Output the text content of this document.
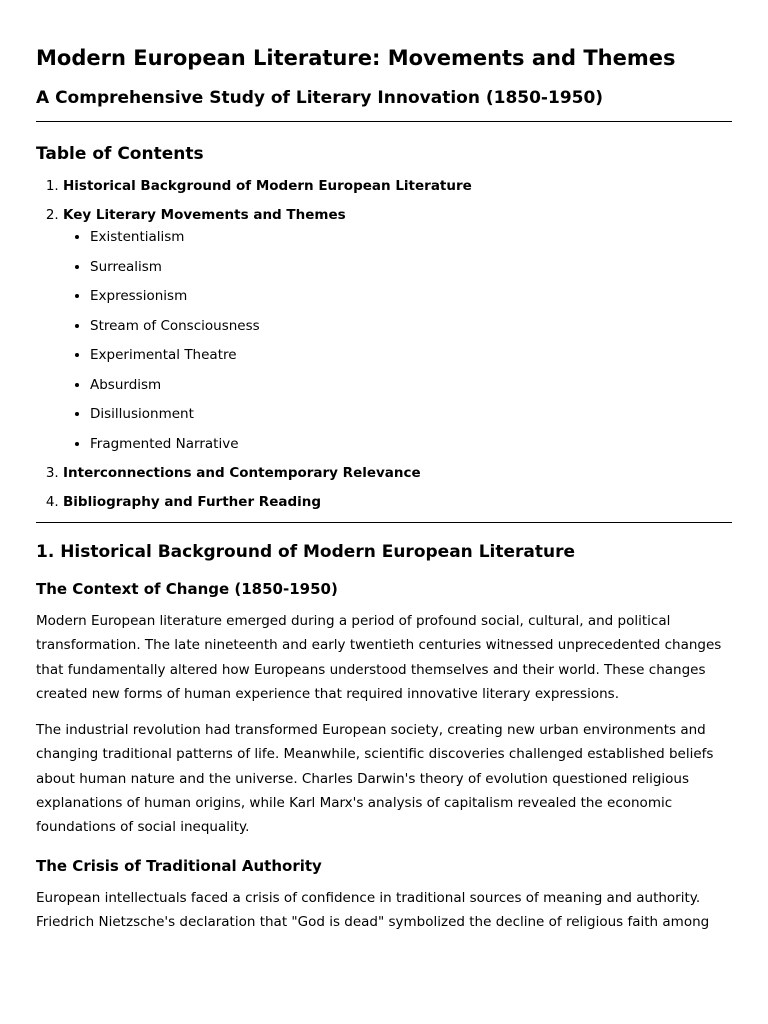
Modern European Literature: Movements and Themes
A Comprehensive Study of Literary Innovation (1850-1950)
Table of Contents
1. Historical Background of Modern European Literature
2. Key Literary Movements and Themes
• Existentialism
• Surrealism
• Expressionism
• Stream of Consciousness
• Experimental Theatre
• Absurdism
• Disillusionment
• Fragmented Narrative
3. Interconnections and Contemporary Relevance
4. Bibliography and Further Reading
1. Historical Background of Modern European Literature
The Context of Change (1850-1950)

Modern European literature emerged during a period of profound social, cultural, and political transformation. The late nineteenth and early twentieth centuries witnessed unprecedented changes that fundamentally altered how Europeans understood themselves and their world. These changes created new forms of human experience that required innovative literary expressions.

The industrial revolution had transformed European society, creating new urban environments and changing traditional patterns of life. Meanwhile, scientific discoveries challenged established beliefs about human nature and the universe. Charles Darwin's theory of evolution questioned religious explanations of human origins, while Karl Marx's analysis of capitalism revealed the economic foundations of social inequality.

The Crisis of Traditional Authority

European intellectuals faced a crisis of confidence in traditional sources of meaning and authority. Friedrich Nietzsche's declaration that "God is dead" symbolized the decline of religious faith among
